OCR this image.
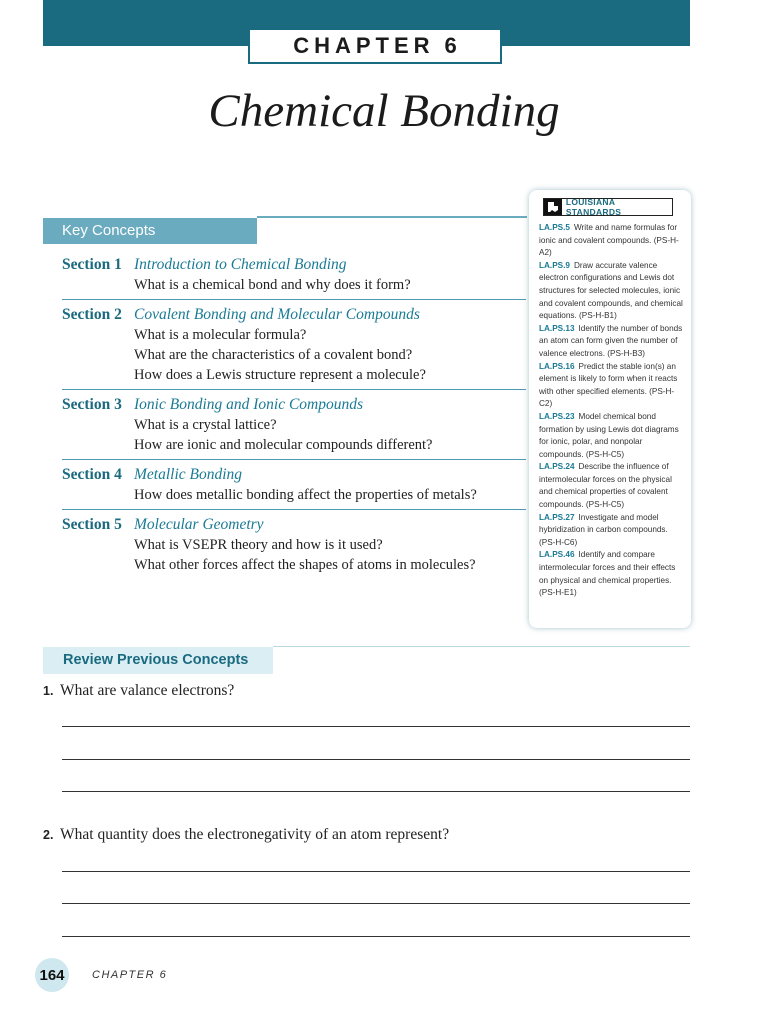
CHAPTER 6
Chemical Bonding
Key Concepts
Section 1 Introduction to Chemical Bonding
What is a chemical bond and why does it form?
Section 2 Covalent Bonding and Molecular Compounds
What is a molecular formula?
What are the characteristics of a covalent bond?
How does a Lewis structure represent a molecule?
Section 3 Ionic Bonding and Ionic Compounds
What is a crystal lattice?
How are ionic and molecular compounds different?
Section 4 Metallic Bonding
How does metallic bonding affect the properties of metals?
Section 5 Molecular Geometry
What is VSEPR theory and how is it used?
What other forces affect the shapes of atoms in molecules?
LOUISIANA STANDARDS
LA.PS.5 Write and name formulas for ionic and covalent compounds. (PS-H-A2)
LA.PS.9 Draw accurate valence electron configurations and Lewis dot structures for selected molecules, ionic and covalent compounds, and chemical equations. (PS-H-B1)
LA.PS.13 Identify the number of bonds an atom can form given the number of valence electrons. (PS-H-B3)
LA.PS.16 Predict the stable ion(s) an element is likely to form when it reacts with other specified elements. (PS-H-C2)
LA.PS.23 Model chemical bond formation by using Lewis dot diagrams for ionic, polar, and nonpolar compounds. (PS-H-C5)
LA.PS.24 Describe the influence of intermolecular forces on the physical and chemical properties of covalent compounds. (PS-H-C5)
LA.PS.27 Investigate and model hybridization in carbon compounds. (PS-H-C6)
LA.PS.46 Identify and compare intermolecular forces and their effects on physical and chemical properties. (PS-H-E1)
Review Previous Concepts
1. What are valance electrons?
2. What quantity does the electronegativity of an atom represent?
164	CHAPTER 6
